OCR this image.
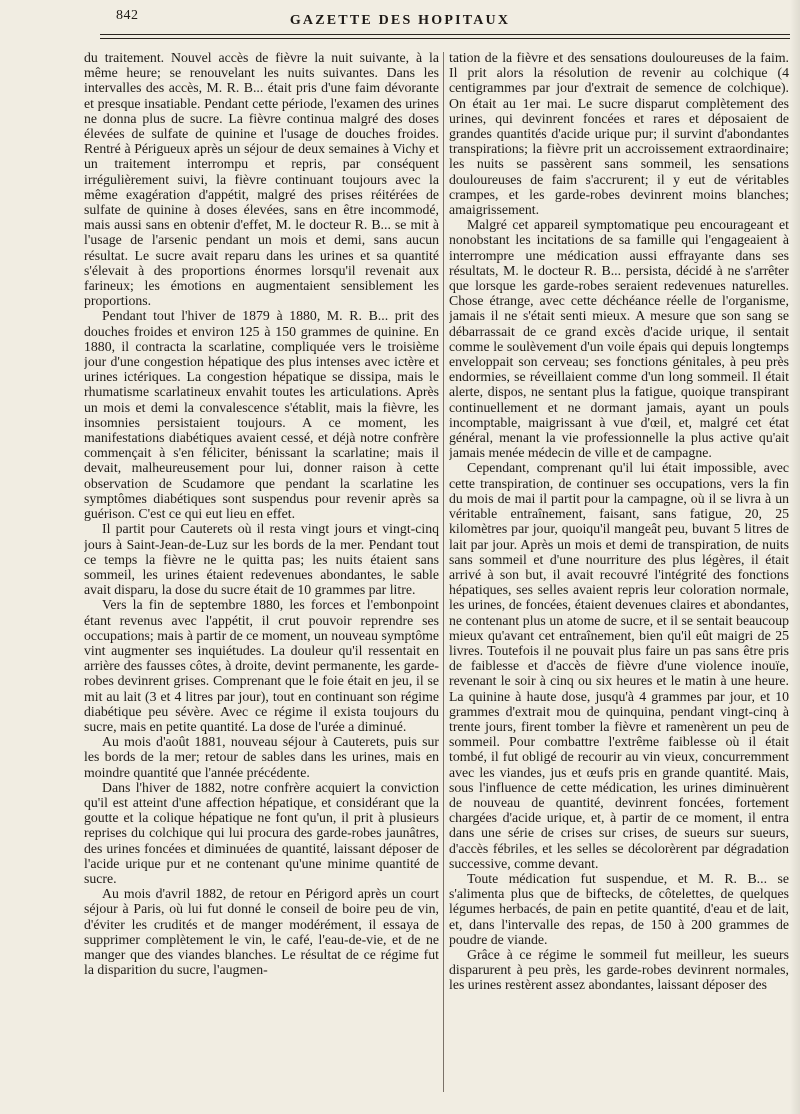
842	GAZETTE DES HOPITAUX

du traitement. Nouvel accès de fièvre la nuit suivante, à la même heure; se renouvelant les nuits suivantes. Dans les intervalles des accès, M. R. B... était pris d'une faim dévorante et presque insatiable. Pendant cette période, l'examen des urines ne donna plus de sucre. La fièvre continua malgré des doses élevées de sulfate de quinine et l'usage de douches froides. Rentré à Périgueux après un séjour de deux semaines à Vichy et un traitement interrompu et repris, par conséquent irrégulièrement suivi, la fièvre continuant toujours avec la même exagération d'appétit, malgré des prises réitérées de sulfate de quinine à doses élevées, sans en être incommodé, mais aussi sans en obtenir d'effet, M. le docteur R. B... se mit à l'usage de l'arsenic pendant un mois et demi, sans aucun résultat. Le sucre avait reparu dans les urines et sa quantité s'élevait à des proportions énormes lorsqu'il revenait aux farineux; les émotions en augmentaient sensiblement les proportions.

Pendant tout l'hiver de 1879 à 1880, M. R. B... prit des douches froides et environ 125 à 150 grammes de quinine. En 1880, il contracta la scarlatine, compliquée vers le troisième jour d'une congestion hépatique des plus intenses avec ictère et urines ictériques. La congestion hépatique se dissipa, mais le rhumatisme scarlatineux envahit toutes les articulations. Après un mois et demi la convalescence s'établit, mais la fièvre, les insomnies persistaient toujours. A ce moment, les manifestations diabétiques avaient cessé, et déjà notre confrère commençait à s'en féliciter, bénissant la scarlatine; mais il devait, malheureusement pour lui, donner raison à cette observation de Scudamore que pendant la scarlatine les symptômes diabétiques sont suspendus pour revenir après sa guérison. C'est ce qui eut lieu en effet.

Il partit pour Cauterets où il resta vingt jours et vingt-cinq jours à Saint-Jean-de-Luz sur les bords de la mer. Pendant tout ce temps la fièvre ne le quitta pas; les nuits étaient sans sommeil, les urines étaient redevenues abondantes, le sable avait disparu, la dose du sucre était de 10 grammes par litre.

Vers la fin de septembre 1880, les forces et l'embonpoint étant revenus avec l'appétit, il crut pouvoir reprendre ses occupations; mais à partir de ce moment, un nouveau symptôme vint augmenter ses inquiétudes. La douleur qu'il ressentait en arrière des fausses côtes, à droite, devint permanente, les garde-robes devinrent grises. Comprenant que le foie était en jeu, il se mit au lait (3 et 4 litres par jour), tout en continuant son régime diabétique peu sévère. Avec ce régime il exista toujours du sucre, mais en petite quantité. La dose de l'urée a diminué.

Au mois d'août 1881, nouveau séjour à Cauterets, puis sur les bords de la mer; retour de sables dans les urines, mais en moindre quantité que l'année précédente.

Dans l'hiver de 1882, notre confrère acquiert la conviction qu'il est atteint d'une affection hépatique, et considérant que la goutte et la colique hépatique ne font qu'un, il prit à plusieurs reprises du colchique qui lui procura des garde-robes jaunâtres, des urines foncées et diminuées de quantité, laissant déposer de l'acide urique pur et ne contenant qu'une minime quantité de sucre.

Au mois d'avril 1882, de retour en Périgord après un court séjour à Paris, où lui fut donné le conseil de boire peu de vin, d'éviter les crudités et de manger modérément, il essaya de supprimer complètement le vin, le café, l'eau-de-vie, et de ne manger que des viandes blanches. Le résultat de ce régime fut la disparition du sucre, l'augmen-

tation de la fièvre et des sensations douloureuses de la faim. Il prit alors la résolution de revenir au colchique (4 centigrammes par jour d'extrait de semence de colchique). On était au 1er mai. Le sucre disparut complètement des urines, qui devinrent foncées et rares et déposaient de grandes quantités d'acide urique pur; il survint d'abondantes transpirations; la fièvre prit un accroissement extraordinaire; les nuits se passèrent sans sommeil, les sensations douloureuses de faim s'accrurent; il y eut de véritables crampes, et les garde-robes devinrent moins blanches; amaigrissement.

Malgré cet appareil symptomatique peu encourageant et nonobstant les incitations de sa famille qui l'engageaient à interrompre une médication aussi effrayante dans ses résultats, M. le docteur R. B... persista, décidé à ne s'arrêter que lorsque les garde-robes seraient redevenues naturelles. Chose étrange, avec cette déchéance réelle de l'organisme, jamais il ne s'était senti mieux. A mesure que son sang se débarrassait de ce grand excès d'acide urique, il sentait comme le soulèvement d'un voile épais qui depuis longtemps enveloppait son cerveau; ses fonctions génitales, à peu près endormies, se réveillaient comme d'un long sommeil. Il était alerte, dispos, ne sentant plus la fatigue, quoique transpirant continuellement et ne dormant jamais, ayant un pouls incomptable, maigrissant à vue d'œil, et, malgré cet état général, menant la vie professionnelle la plus active qu'ait jamais menée médecin de ville et de campagne.

Cependant, comprenant qu'il lui était impossible, avec cette transpiration, de continuer ses occupations, vers la fin du mois de mai il partit pour la campagne, où il se livra à un véritable entraînement, faisant, sans fatigue, 20, 25 kilomètres par jour, quoiqu'il mangeât peu, buvant 5 litres de lait par jour. Après un mois et demi de transpiration, de nuits sans sommeil et d'une nourriture des plus légères, il était arrivé à son but, il avait recouvré l'intégrité des fonctions hépatiques, ses selles avaient repris leur coloration normale, les urines, de foncées, étaient devenues claires et abondantes, ne contenant plus un atome de sucre, et il se sentait beaucoup mieux qu'avant cet entraînement, bien qu'il eût maigri de 25 livres. Toutefois il ne pouvait plus faire un pas sans être pris de faiblesse et d'accès de fièvre d'une violence inouïe, revenant le soir à cinq ou six heures et le matin à une heure. La quinine à haute dose, jusqu'à 4 grammes par jour, et 10 grammes d'extrait mou de quinquina, pendant vingt-cinq à trente jours, firent tomber la fièvre et ramenèrent un peu de sommeil. Pour combattre l'extrême faiblesse où il était tombé, il fut obligé de recourir au vin vieux, concurremment avec les viandes, jus et œufs pris en grande quantité. Mais, sous l'influence de cette médication, les urines diminuèrent de nouveau de quantité, devinrent foncées, fortement chargées d'acide urique, et, à partir de ce moment, il entra dans une série de crises sur crises, de sueurs sur sueurs, d'accès fébriles, et les selles se décolorèrent par dégradation successive, comme devant.

Toute médication fut suspendue, et M. R. B... se s'alimenta plus que de biftecks, de côtelettes, de quelques légumes herbacés, de pain en petite quantité, d'eau et de lait, et, dans l'intervalle des repas, de 150 à 200 grammes de poudre de viande.

Grâce à ce régime le sommeil fut meilleur, les sueurs disparurent à peu près, les garde-robes devinrent normales, les urines restèrent assez abondantes, laissant déposer des
